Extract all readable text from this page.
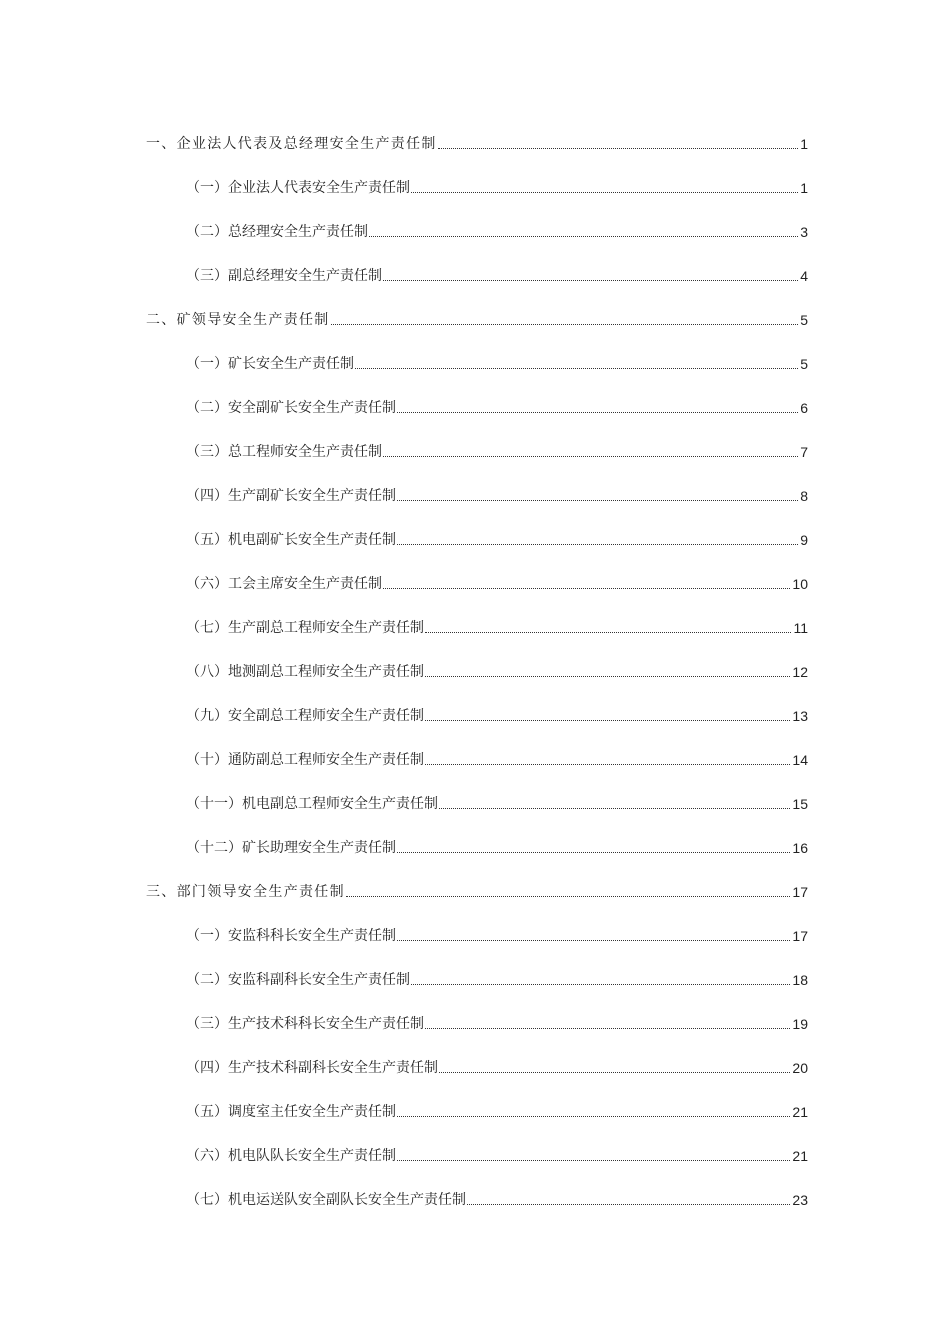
一、企业法人代表及总经理安全生产责任制	1
（一）企业法人代表安全生产责任制	1
（二）总经理安全生产责任制	3
（三）副总经理安全生产责任制	4
二、矿领导安全生产责任制	5
（一）矿长安全生产责任制	5
（二）安全副矿长安全生产责任制	6
（三）总工程师安全生产责任制	7
（四）生产副矿长安全生产责任制	8
（五）机电副矿长安全生产责任制	9
（六）工会主席安全生产责任制	10
（七）生产副总工程师安全生产责任制	11
（八）地测副总工程师安全生产责任制	12
（九）安全副总工程师安全生产责任制	13
（十）通防副总工程师安全生产责任制	14
（十一）机电副总工程师安全生产责任制	15
（十二）矿长助理安全生产责任制	16
三、部门领导安全生产责任制	17
（一）安监科科长安全生产责任制	17
（二）安监科副科长安全生产责任制	18
（三）生产技术科科长安全生产责任制	19
（四）生产技术科副科长安全生产责任制	20
（五）调度室主任安全生产责任制	21
（六）机电队队长安全生产责任制	21
（七）机电运送队安全副队长安全生产责任制	23
